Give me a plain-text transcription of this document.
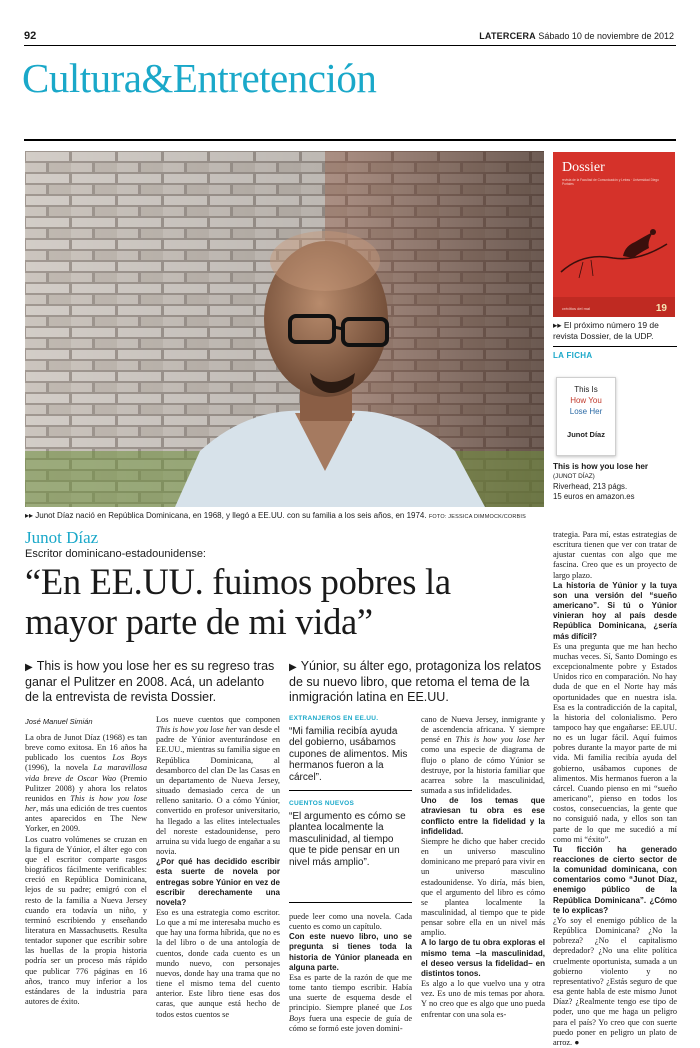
92	LATERCERA Sábado 10 de noviembre de 2012
Cultura&Entretención
▸▸ Junot Díaz nació en República Dominicana, en 1968, y llegó a EE.UU. con su familia a los seis años, en 1974. FOTO: JESSICA DIMMOCK/CORBIS
Dossier
revista de la Facultad de Comunicación y Letras · Universidad Diego Portales
créditos del mal	19
▸▸ El próximo número 19 de revista Dossier, de la UDP.
LA FICHA
This Is
How You
Lose Her
Junot Díaz
This is how you lose her
(JUNOT DÍAZ)
Riverhead, 213 págs.
15 euros en amazon.es
Junot Díaz
Escritor dominicano-estadounidense:
“En EE.UU. fuimos pobres la mayor parte de mi vida”
▶ This is how you lose her es su regreso tras ganar el Pulitzer en 2008. Acá, un adelanto de la entrevista de revista Dossier.
▶ Yúnior, su álter ego, protagoniza los relatos de su nuevo libro, que retoma el tema de la inmigración latina en EE.UU.
José Manuel Simián

La obra de Junot Díaz (1968) es tan breve como exitosa. En 16 años ha publicado los cuentos Los Boys (1996), la novela La maravillosa vida breve de Oscar Wao (Premio Pulitzer 2008) y ahora los relatos reunidos en This is how you lose her, más una edición de tres cuentos antes aparecidos en The New Yorker, en 2009.

Los cuatro volúmenes se cruzan en la figura de Yúnior, el álter ego con que el escritor comparte rasgos biográficos fácilmente verificables: creció en República Dominicana, lejos de su padre; emigró con el resto de la familia a Nueva Jersey cuando era todavía un niño, y terminó escribiendo y enseñando literatura en Massachusetts. Resulta tentador suponer que escribir sobre las huellas de la propia historia podría ser un proceso más rápido que publicar 776 páginas en 16 años, tranco muy inferior a los estándares de la industria para autores de éxito.

Los nueve cuentos que componen This is how you lose her van desde el padre de Yúnior aventurándose en EE.UU., mientras su familia sigue en República Dominicana, al desamborco del clan De las Casas en un departamento de Nueva Jersey, situado demasiado cerca de un relleno sanitario. O a cómo Yúnior, convertido en profesor universitario, ha llegado a las elites intelectuales del noreste estadounidense, pero arruina su vida luego de engañar a su novia.

¿Por qué has decidido escribir esta suerte de novela por entregas sobre Yúnior en vez de escribir derechamente una novela?

Eso es una estrategia como escritor. Lo que a mí me interesaba mucho es que hay una forma híbrida, que no es la del libro o de una antología de cuentos, donde cada cuento es un mundo nuevo, con personajes nuevos, donde hay una trama que no tiene el mismo tema del cuento anterior. Este libro tiene esas dos caras, que aunque está hecho de todos estos cuentos se

EXTRANJEROS EN EE.UU.
“Mi familia recibía ayuda del gobierno, usábamos cupones de alimentos. Mis hermanos fueron a la cárcel”.
CUENTOS NUEVOS
“El argumento es cómo se plantea localmente la masculinidad, al tiempo que te pide pensar en un nivel más amplio”.

puede leer como una novela. Cada cuento es como un capítulo.

Con este nuevo libro, uno se pregunta si tienes toda la historia de Yúnior planeada en alguna parte.

Esa es parte de la razón de que me tome tanto tiempo escribir. Había una suerte de esquema desde el principio. Siempre planeé que Los Boys fuera una especie de guía de cómo se formó este joven domini-

cano de Nueva Jersey, inmigrante y de ascendencia africana. Y siempre pensé en This is how you lose her como una especie de diagrama de flujo o plano de cómo Yúnior se destruye, por la historia familiar que acarrea sobre la masculinidad, sumada a sus infidelidades.

Uno de los temas que atraviesan tu obra es ese conflicto entre la fidelidad y la infidelidad.

Siempre he dicho que haber crecido en un universo masculino dominicano me preparó para vivir en un universo masculino estadounidense. Yo diría, más bien, que el argumento del libro es cómo se plantea localmente la masculinidad, al tiempo que te pide pensar sobre ella en un nivel más amplio.

A lo largo de tu obra exploras el mismo tema –la masculinidad, el deseo versus la fidelidad– en distintos tonos.

Es algo a lo que vuelvo una y otra vez. Es uno de mis temas por ahora. Y no creo que es algo que uno pueda enfrentar con una sola es-

trategia. Para mí, estas estrategias de escritura tienen que ver con tratar de ajustar cuentas con algo que me fascina. Creo que es un proyecto de largo plazo.

La historia de Yúnior y la tuya son una versión del “sueño americano”. Si tú o Yúnior vinieran hoy al país desde República Dominicana, ¿sería más difícil?

Es una pregunta que me han hecho muchas veces. Sí, Santo Domingo es excepcionalmente pobre y Estados Unidos rico en comparación. No hay duda de que en el Norte hay más oportunidades que en nuestra isla. Esa es la contradicción de la capital, la historia del colonialismo. Pero tampoco hay que engañarse: EE.UU. no es un lugar fácil. Aquí fuimos pobres durante la mayor parte de mi vida. Mi familia recibía ayuda del gobierno, usábamos cupones de alimentos. Mis hermanos fueron a la cárcel. Cuando pienso en mi “sueño americano”, pienso en todos los costos, consecuencias, la gente que no consiguió nada, y ellos son tan parte de lo que me sucedió a mí como mi “éxito”.

Tu ficción ha generado reacciones de cierto sector de la comunidad dominicana, con comentarios como “Junot Díaz, enemigo público de la República Dominicana”. ¿Cómo te lo explicas?

¿Yo soy el enemigo público de la República Dominicana? ¿No la pobreza? ¿No el capitalismo depredador? ¿No una elite política cruelmente oportunista, sumada a un gobierno violento y no representativo? ¿Estás seguro de que esa gente habla de este mismo Junot Díaz? ¿Realmente tengo ese tipo de poder, uno que me haga un peligro para el país? Yo creo que con suerte puedo poner en peligro un plato de arroz. ●
